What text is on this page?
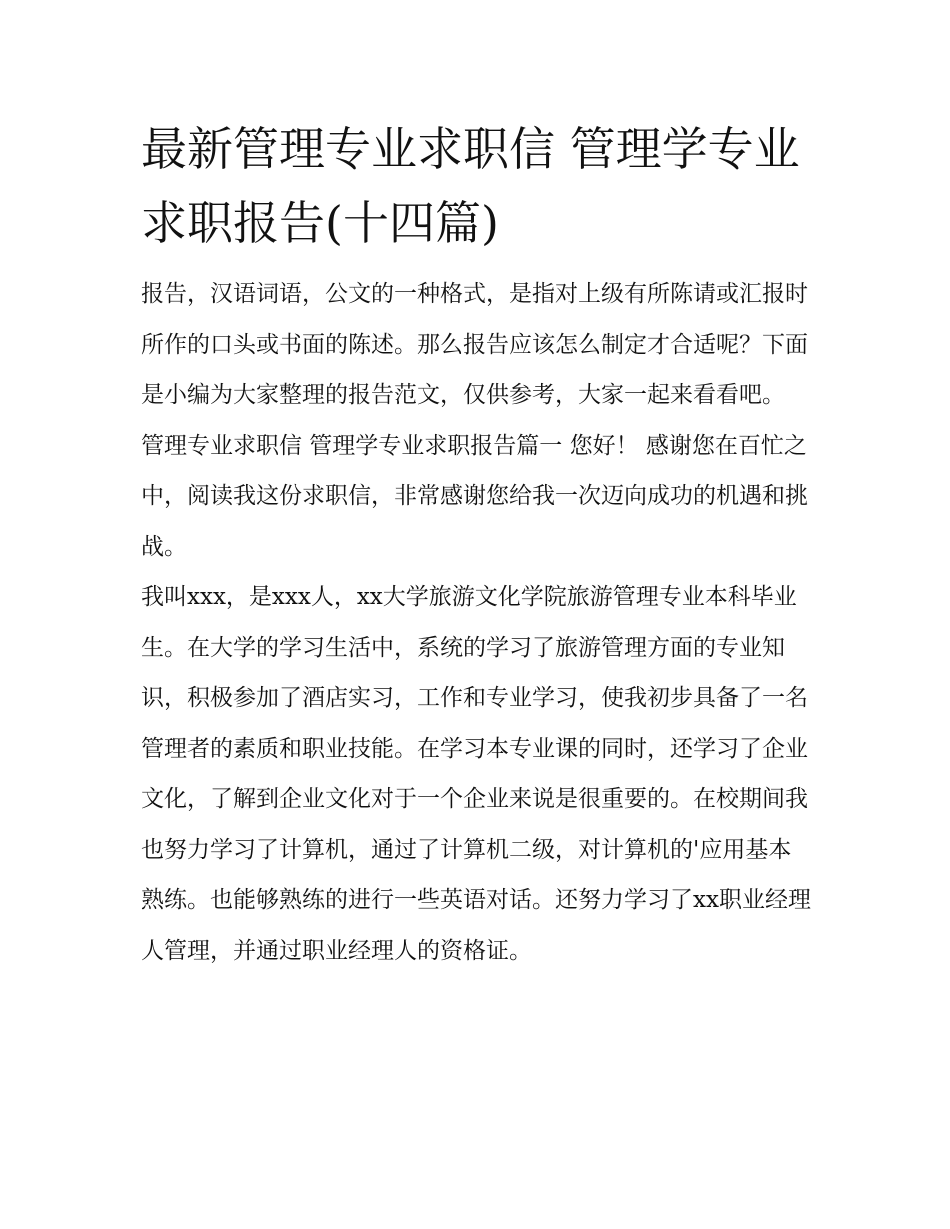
最新管理专业求职信 管理学专业求职报告(十四篇)

报告，汉语词语，公文的一种格式，是指对上级有所陈请或汇报时所作的口头或书面的陈述。那么报告应该怎么制定才合适呢？下面是小编为大家整理的报告范文，仅供参考，大家一起来看看吧。

管理专业求职信 管理学专业求职报告篇一 您好！ 感谢您在百忙之中，阅读我这份求职信，非常感谢您给我一次迈向成功的机遇和挑战。

我叫xxx，是xxx人，xx大学旅游文化学院旅游管理专业本科毕业生。在大学的学习生活中，系统的学习了旅游管理方面的专业知识，积极参加了酒店实习，工作和专业学习，使我初步具备了一名管理者的素质和职业技能。在学习本专业课的同时，还学习了企业文化，了解到企业文化对于一个企业来说是很重要的。在校期间我也努力学习了计算机，通过了计算机二级，对计算机的'应用基本熟练。也能够熟练的进行一些英语对话。还努力学习了xx职业经理人管理，并通过职业经理人的资格证。
